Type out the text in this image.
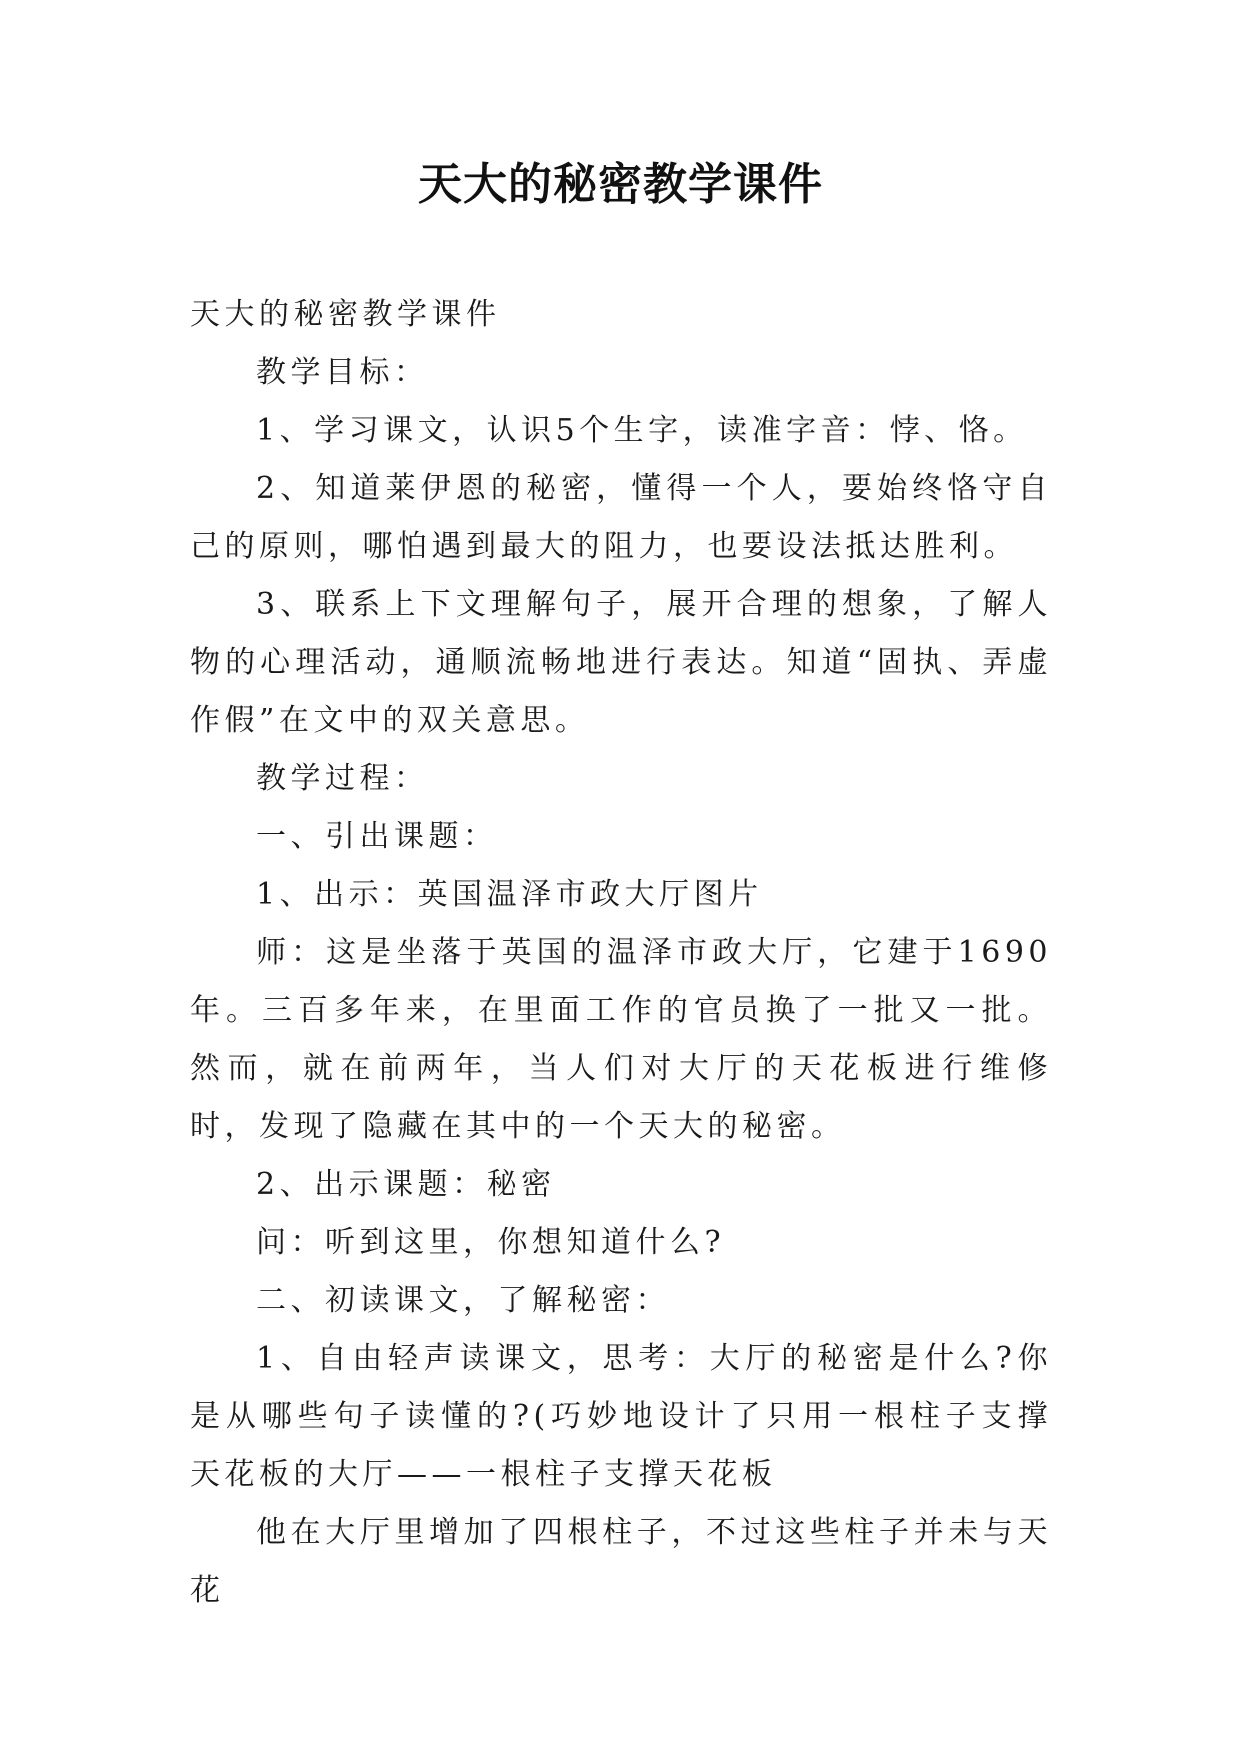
天大的秘密教学课件

天大的秘密教学课件

教学目标：

1、学习课文，认识5个生字，读准字音：悖、恪。

2、知道莱伊恩的秘密，懂得一个人，要始终恪守自己的原则，哪怕遇到最大的阻力，也要设法抵达胜利。

3、联系上下文理解句子，展开合理的想象，了解人物的心理活动，通顺流畅地进行表达。知道“固执、弄虚作假”在文中的双关意思。

教学过程：

一、引出课题：

1、出示：英国温泽市政大厅图片

师：这是坐落于英国的温泽市政大厅，它建于1690年。三百多年来，在里面工作的官员换了一批又一批。然而，就在前两年，当人们对大厅的天花板进行维修时，发现了隐藏在其中的一个天大的秘密。

2、出示课题：秘密

问：听到这里，你想知道什么?

二、初读课文，了解秘密：

1、自由轻声读课文，思考：大厅的秘密是什么?你是从哪些句子读懂的?(巧妙地设计了只用一根柱子支撑天花板的大厅——一根柱子支撑天花板

他在大厅里增加了四根柱子，不过这些柱子并未与天花
